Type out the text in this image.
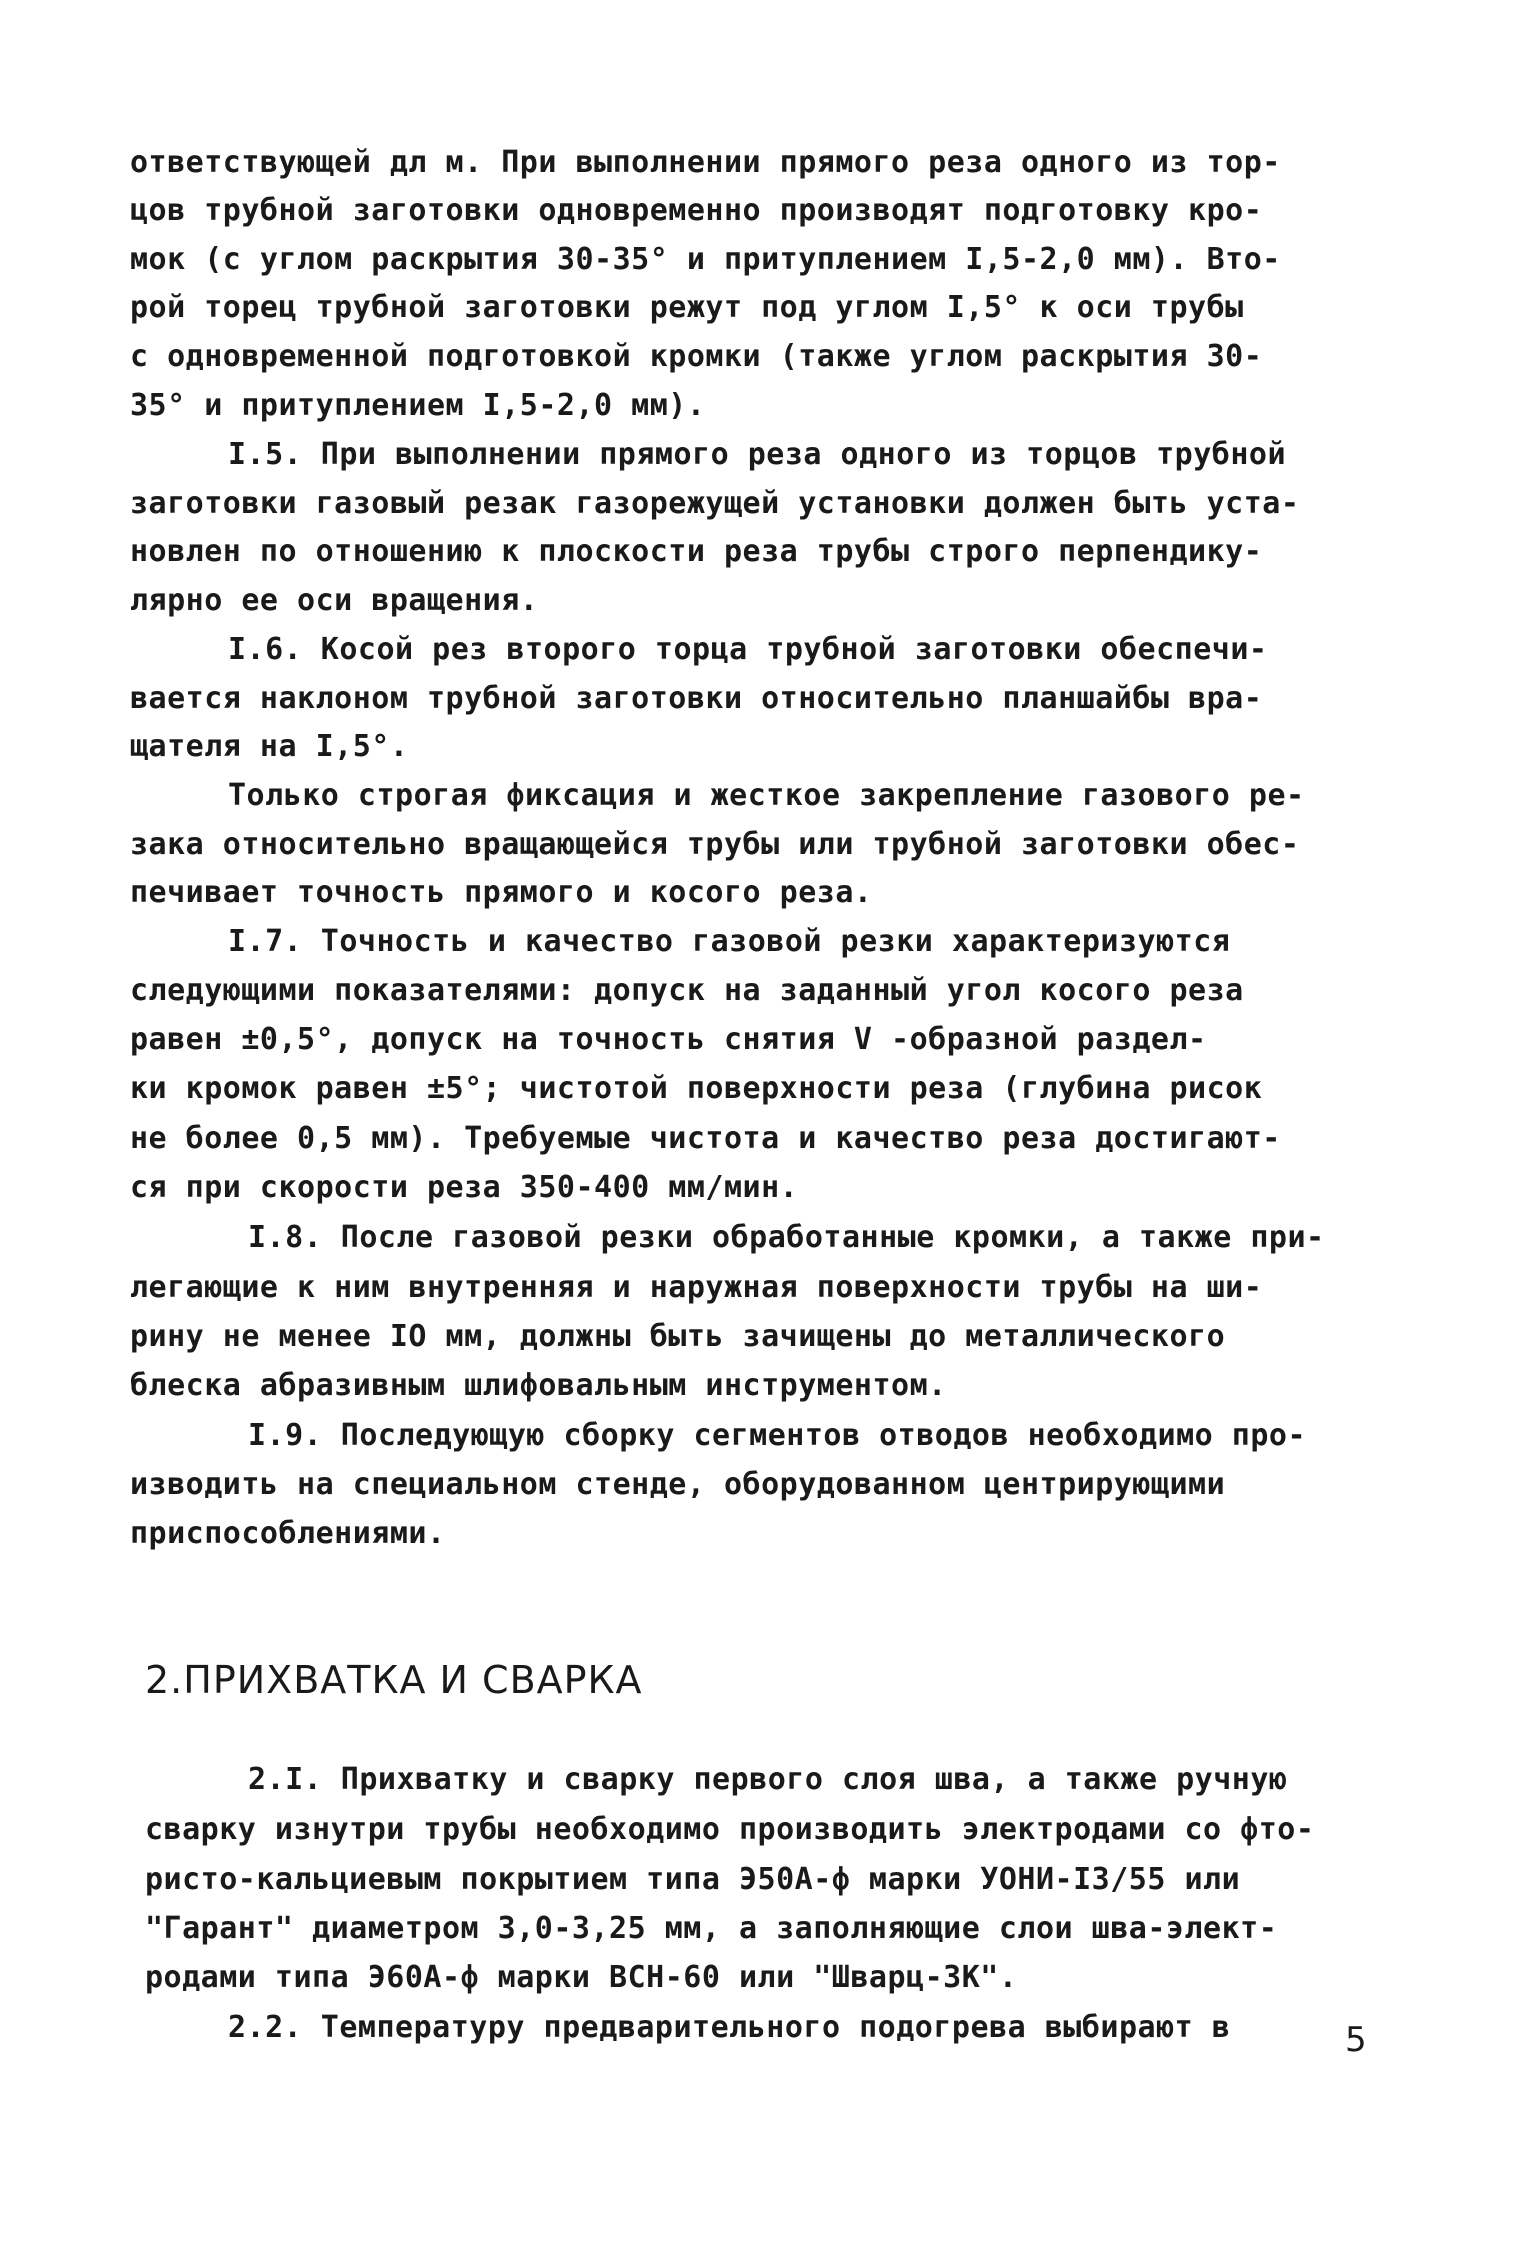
ответствующей дл м. При выполнении прямого реза одного из тор-
цов трубной заготовки одновременно производят подготовку кро-
мок (с углом раскрытия 30-35° и притуплением I,5-2,0 мм). Вто-
рой торец трубной заготовки режут под углом I,5° к оси трубы
с одновременной подготовкой кромки (также углом раскрытия 30-
35° и притуплением I,5-2,0 мм).
I.5. При выполнении прямого реза одного из торцов трубной
заготовки газовый резак газорежущей установки должен быть уста-
новлен по отношению к плоскости реза трубы строго перпендику-
лярно ее оси вращения.
I.6. Косой рез второго торца трубной заготовки обеспечи-
вается наклоном трубной заготовки относительно планшайбы вра-
щателя на I,5°.
Только строгая фиксация и жесткое закрепление газового ре-
зака относительно вращающейся трубы или трубной заготовки обес-
печивает точность прямого и косого реза.
I.7. Точность и качество газовой резки характеризуются
следующими показателями: допуск на заданный угол косого реза
равен ±0,5°, допуск на точность снятия V -образной раздел-
ки кромок равен ±5°; чистотой поверхности реза (глубина рисок
не более 0,5 мм). Требуемые чистота и качество реза достигают-
ся при скорости реза 350-400 мм/мин.
I.8. После газовой резки обработанные кромки, а также при-
легающие к ним внутренняя и наружная поверхности трубы на ши-
рину не менее IO мм, должны быть зачищены до металлического
блеска абразивным шлифовальным инструментом.
I.9. Последующую сборку сегментов отводов необходимо про-
изводить на специальном стенде, оборудованном центрирующими
приспособлениями.
2.ПРИХВАТКА И СВАРКА
2.I. Прихватку и сварку первого слоя шва, а также ручную
сварку изнутри трубы необходимо производить электродами со фто-
ристо-кальциевым покрытием типа Э50А-ф марки УОНИ-I3/55 или
"Гарант" диаметром 3,0-3,25 мм, а заполняющие слои шва-элект-
родами типа Э60А-ф марки ВСН-60 или "Шварц-3К".
2.2. Температуру предварительного подогрева выбирают в	5
